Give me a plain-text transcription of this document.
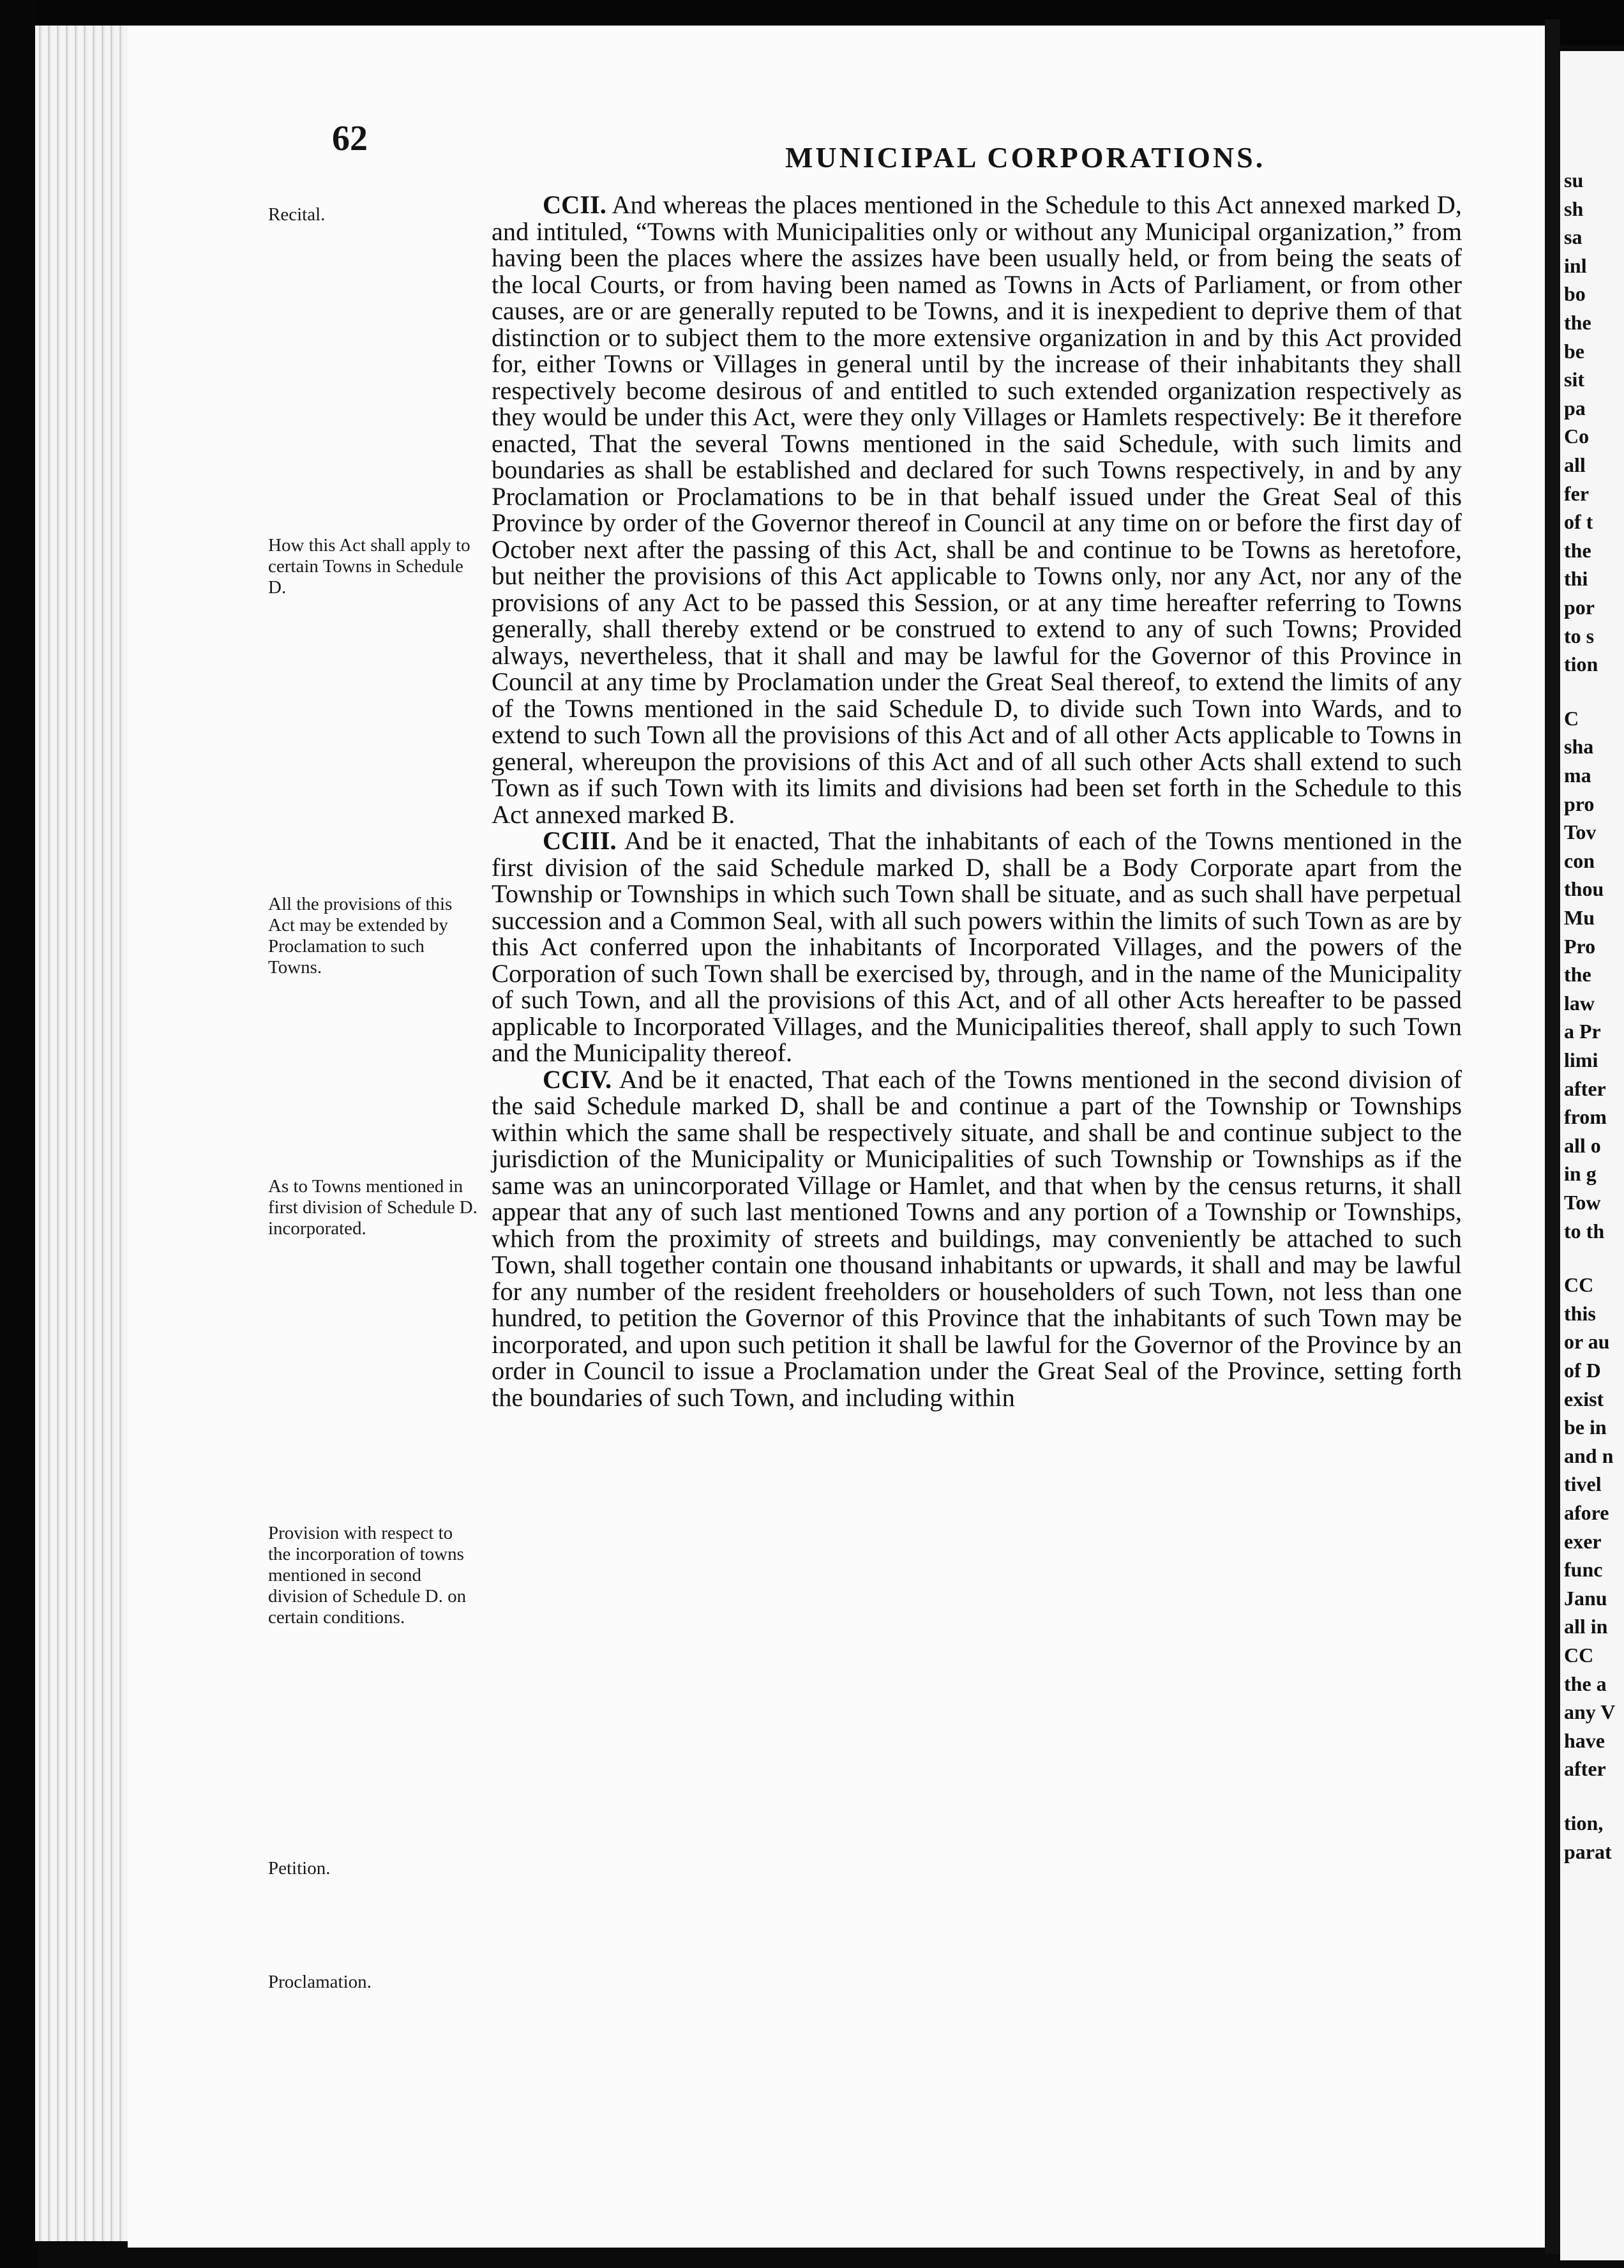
62	MUNICIPAL CORPORATIONS.
Recital.
How this Act shall apply to certain Towns in Schedule D.
All the provisions of this Act may be extended by Proclamation to such Towns.
As to Towns mentioned in first division of Schedule D. incorporated.
Provision with respect to the incorporation of towns mentioned in second division of Schedule D. on certain conditions.
Petition.
Proclamation.

CCII. And whereas the places mentioned in the Schedule to this Act annexed marked D, and intituled, “Towns with Municipalities only or without any Municipal organization,” from having been the places where the assizes have been usually held, or from being the seats of the local Courts, or from having been named as Towns in Acts of Parliament, or from other causes, are or are generally reputed to be Towns, and it is inexpedient to deprive them of that distinction or to subject them to the more extensive organization in and by this Act provided for, either Towns or Villages in general until by the increase of their inhabitants they shall respectively become desirous of and entitled to such extended organization respectively as they would be under this Act, were they only Villages or Hamlets respectively: Be it therefore enacted, That the several Towns mentioned in the said Schedule, with such limits and boundaries as shall be established and declared for such Towns respectively, in and by any Proclamation or Proclamations to be in that behalf issued under the Great Seal of this Province by order of the Governor thereof in Council at any time on or before the first day of October next after the passing of this Act, shall be and continue to be Towns as heretofore, but neither the provisions of this Act applicable to Towns only, nor any Act, nor any of the provisions of any Act to be passed this Session, or at any time hereafter referring to Towns generally, shall thereby extend or be construed to extend to any of such Towns; Provided always, nevertheless, that it shall and may be lawful for the Governor of this Province in Council at any time by Proclamation under the Great Seal thereof, to extend the limits of any of the Towns mentioned in the said Schedule D, to divide such Town into Wards, and to extend to such Town all the provisions of this Act and of all other Acts applicable to Towns in general, whereupon the provisions of this Act and of all such other Acts shall extend to such Town as if such Town with its limits and divisions had been set forth in the Schedule to this Act annexed marked B.

CCIII. And be it enacted, That the inhabitants of each of the Towns mentioned in the first division of the said Schedule marked D, shall be a Body Corporate apart from the Township or Townships in which such Town shall be situate, and as such shall have perpetual succession and a Common Seal, with all such powers within the limits of such Town as are by this Act conferred upon the inhabitants of Incorporated Villages, and the powers of the Corporation of such Town shall be exercised by, through, and in the name of the Municipality of such Town, and all the provisions of this Act, and of all other Acts hereafter to be passed applicable to Incorporated Villages, and the Municipalities thereof, shall apply to such Town and the Municipality thereof.

CCIV. And be it enacted, That each of the Towns mentioned in the second division of the said Schedule marked D, shall be and continue a part of the Township or Townships within which the same shall be respectively situate, and shall be and continue subject to the jurisdiction of the Municipality or Municipalities of such Township or Townships as if the same was an unincorporated Village or Hamlet, and that when by the census returns, it shall appear that any of such last mentioned Towns and any portion of a Township or Townships, which from the proximity of streets and buildings, may conveniently be attached to such Town, shall together contain one thousand inhabitants or upwards, it shall and may be lawful for any number of the resident freeholders or householders of such Town, not less than one hundred, to petition the Governor of this Province that the inhabitants of such Town may be incorporated, and upon such petition it shall be lawful for the Governor of the Province by an order in Council to issue a Proclamation under the Great Seal of the Province, setting forth the boundaries of such Town, and including within

su
sh
sa
inl
bo
the
be
sit
pa
Co
all
fer
of t
the
thi
por
to s
tion
C
sha
ma
pro
Tov
con
thou
Mu
Pro
the
law
a Pr
limi
after
from
all o
in g
Tow
to th
CC
this
or au
of D
exist
be in
and n
tivel
afore
exer
func
Janu
all in
CC
the a
any V
have
after
tion,
parat
